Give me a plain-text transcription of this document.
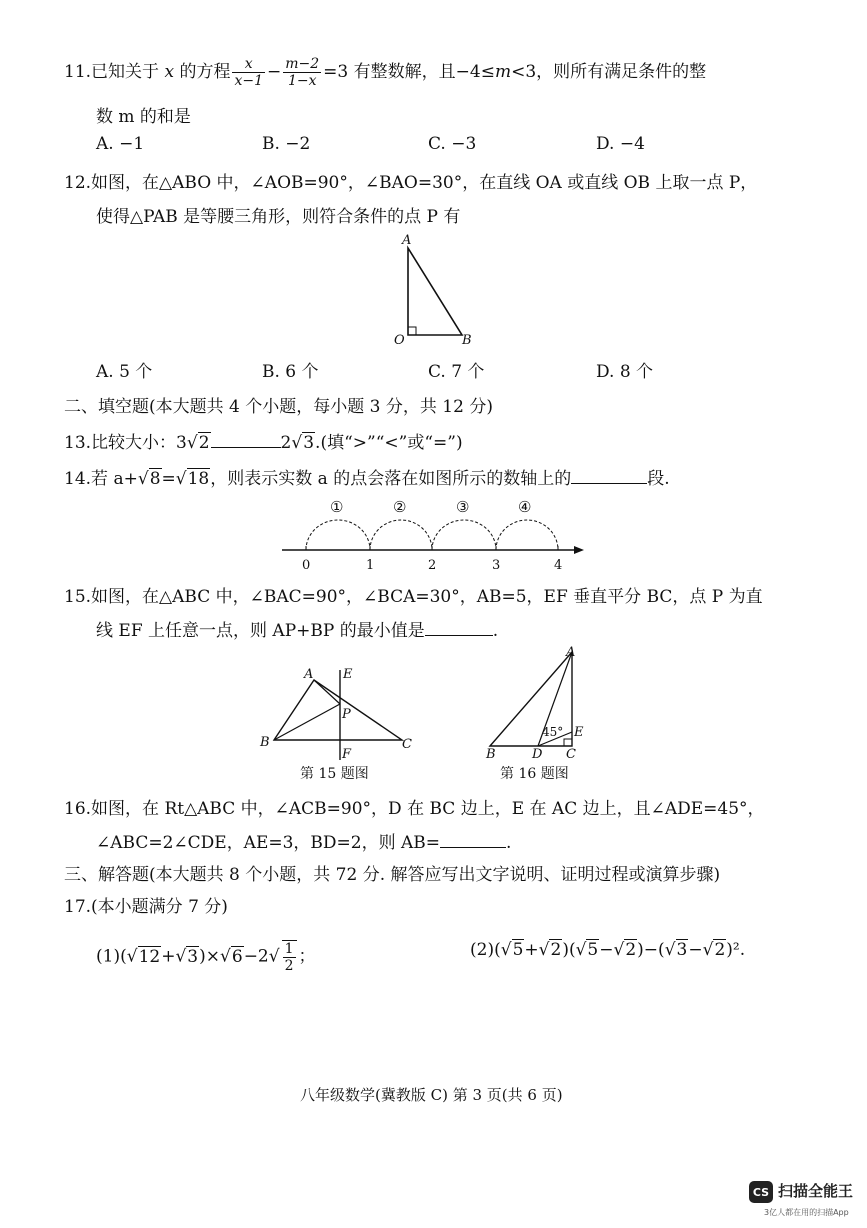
11.已知关于 x 的方程 $\frac{x}{x-1} - \frac{m-2}{1-x} =3$ 有整数解，且−4≤m<3，则所有满足条件的整
数 m 的和是
A. −1	B. −2	C. −3	D. −4
12.如图，在△ABO 中，∠AOB=90°，∠BAO=30°，在直线 OA 或直线 OB 上取一点 P，
使得△PAB 是等腰三角形，则符合条件的点 P 有
A
O	B
A. 5 个	B. 6 个	C. 7 个	D. 8 个
二、填空题(本大题共 4 个小题，每小题 3 分，共 12 分)
13.比较大小：3√2	2√3.(填“>”“<”或“=”)
14.若 a+√8=√18，则表示实数 a 的点会落在如图所示的数轴上的	段.
①	②	③	④
0	1	2	3	4
15.如图，在△ABC 中，∠BAC=90°，∠BCA=30°，AB=5，EF 垂直平分 BC，点 P 为直
线 EF 上任意一点，则 AP+BP 的最小值是	.
A E
P
B
F
C
第 15 题图
A
E
45°
B	D C
第 16 题图
16.如图，在 Rt△ABC 中，∠ACB=90°，D 在 BC 边上，E 在 AC 边上，且∠ADE=45°，
∠ABC=2∠CDE，AE=3，BD=2，则 AB=	.
三、解答题(本大题共 8 个小题，共 72 分. 解答应写出文字说明、证明过程或演算步骤)
17.(本小题满分 7 分)
$(1)(√12+√3)\times√6-2√ \frac{1}{2}$ ；	(2)(√5+√2)(√5−√2)−(√3−√2)².
八年级数学(冀教版 C) 第 3 页(共 6 页)
CS 扫描全能王
3亿人都在用的扫描App
